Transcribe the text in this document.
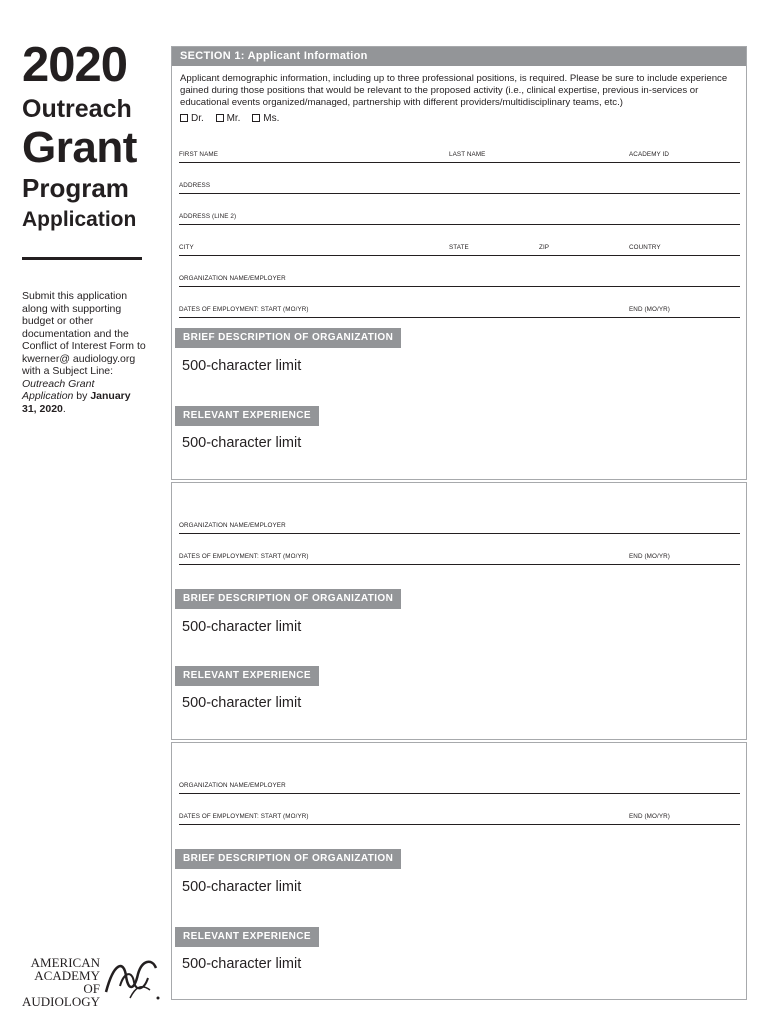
2020
Outreach
Grant
Program
Application
Submit this application along with supporting budget or other documentation and the Conflict of Interest Form to kwerner@ audiology.org with a Subject Line: Outreach Grant Application by January 31, 2020.
AMERICAN
ACADEMY OF
AUDIOLOGY
SECTION 1: Applicant Information
Applicant demographic information, including up to three professional positions, is required. Please be sure to include experience gained during those positions that would be relevant to the proposed activity (i.e., clinical expertise, previous in-services or educational events organized/managed, partnership with different providers/multidisciplinary teams, etc.)
Dr. Mr. Ms.
FIRST NAME	LAST NAME	ACADEMY ID
ADDRESS
ADDRESS (LINE 2)
CITY	STATE	ZIP	COUNTRY
ORGANIZATION NAME/EMPLOYER
DATES OF EMPLOYMENT: START (MO/YR)	END (MO/YR)
BRIEF DESCRIPTION OF ORGANIZATION
500-character limit
RELEVANT EXPERIENCE
500-character limit
ORGANIZATION NAME/EMPLOYER
DATES OF EMPLOYMENT: START (MO/YR)	END (MO/YR)
BRIEF DESCRIPTION OF ORGANIZATION
500-character limit
RELEVANT EXPERIENCE
500-character limit
ORGANIZATION NAME/EMPLOYER
DATES OF EMPLOYMENT: START (MO/YR)	END (MO/YR)
BRIEF DESCRIPTION OF ORGANIZATION
500-character limit
RELEVANT EXPERIENCE
500-character limit
